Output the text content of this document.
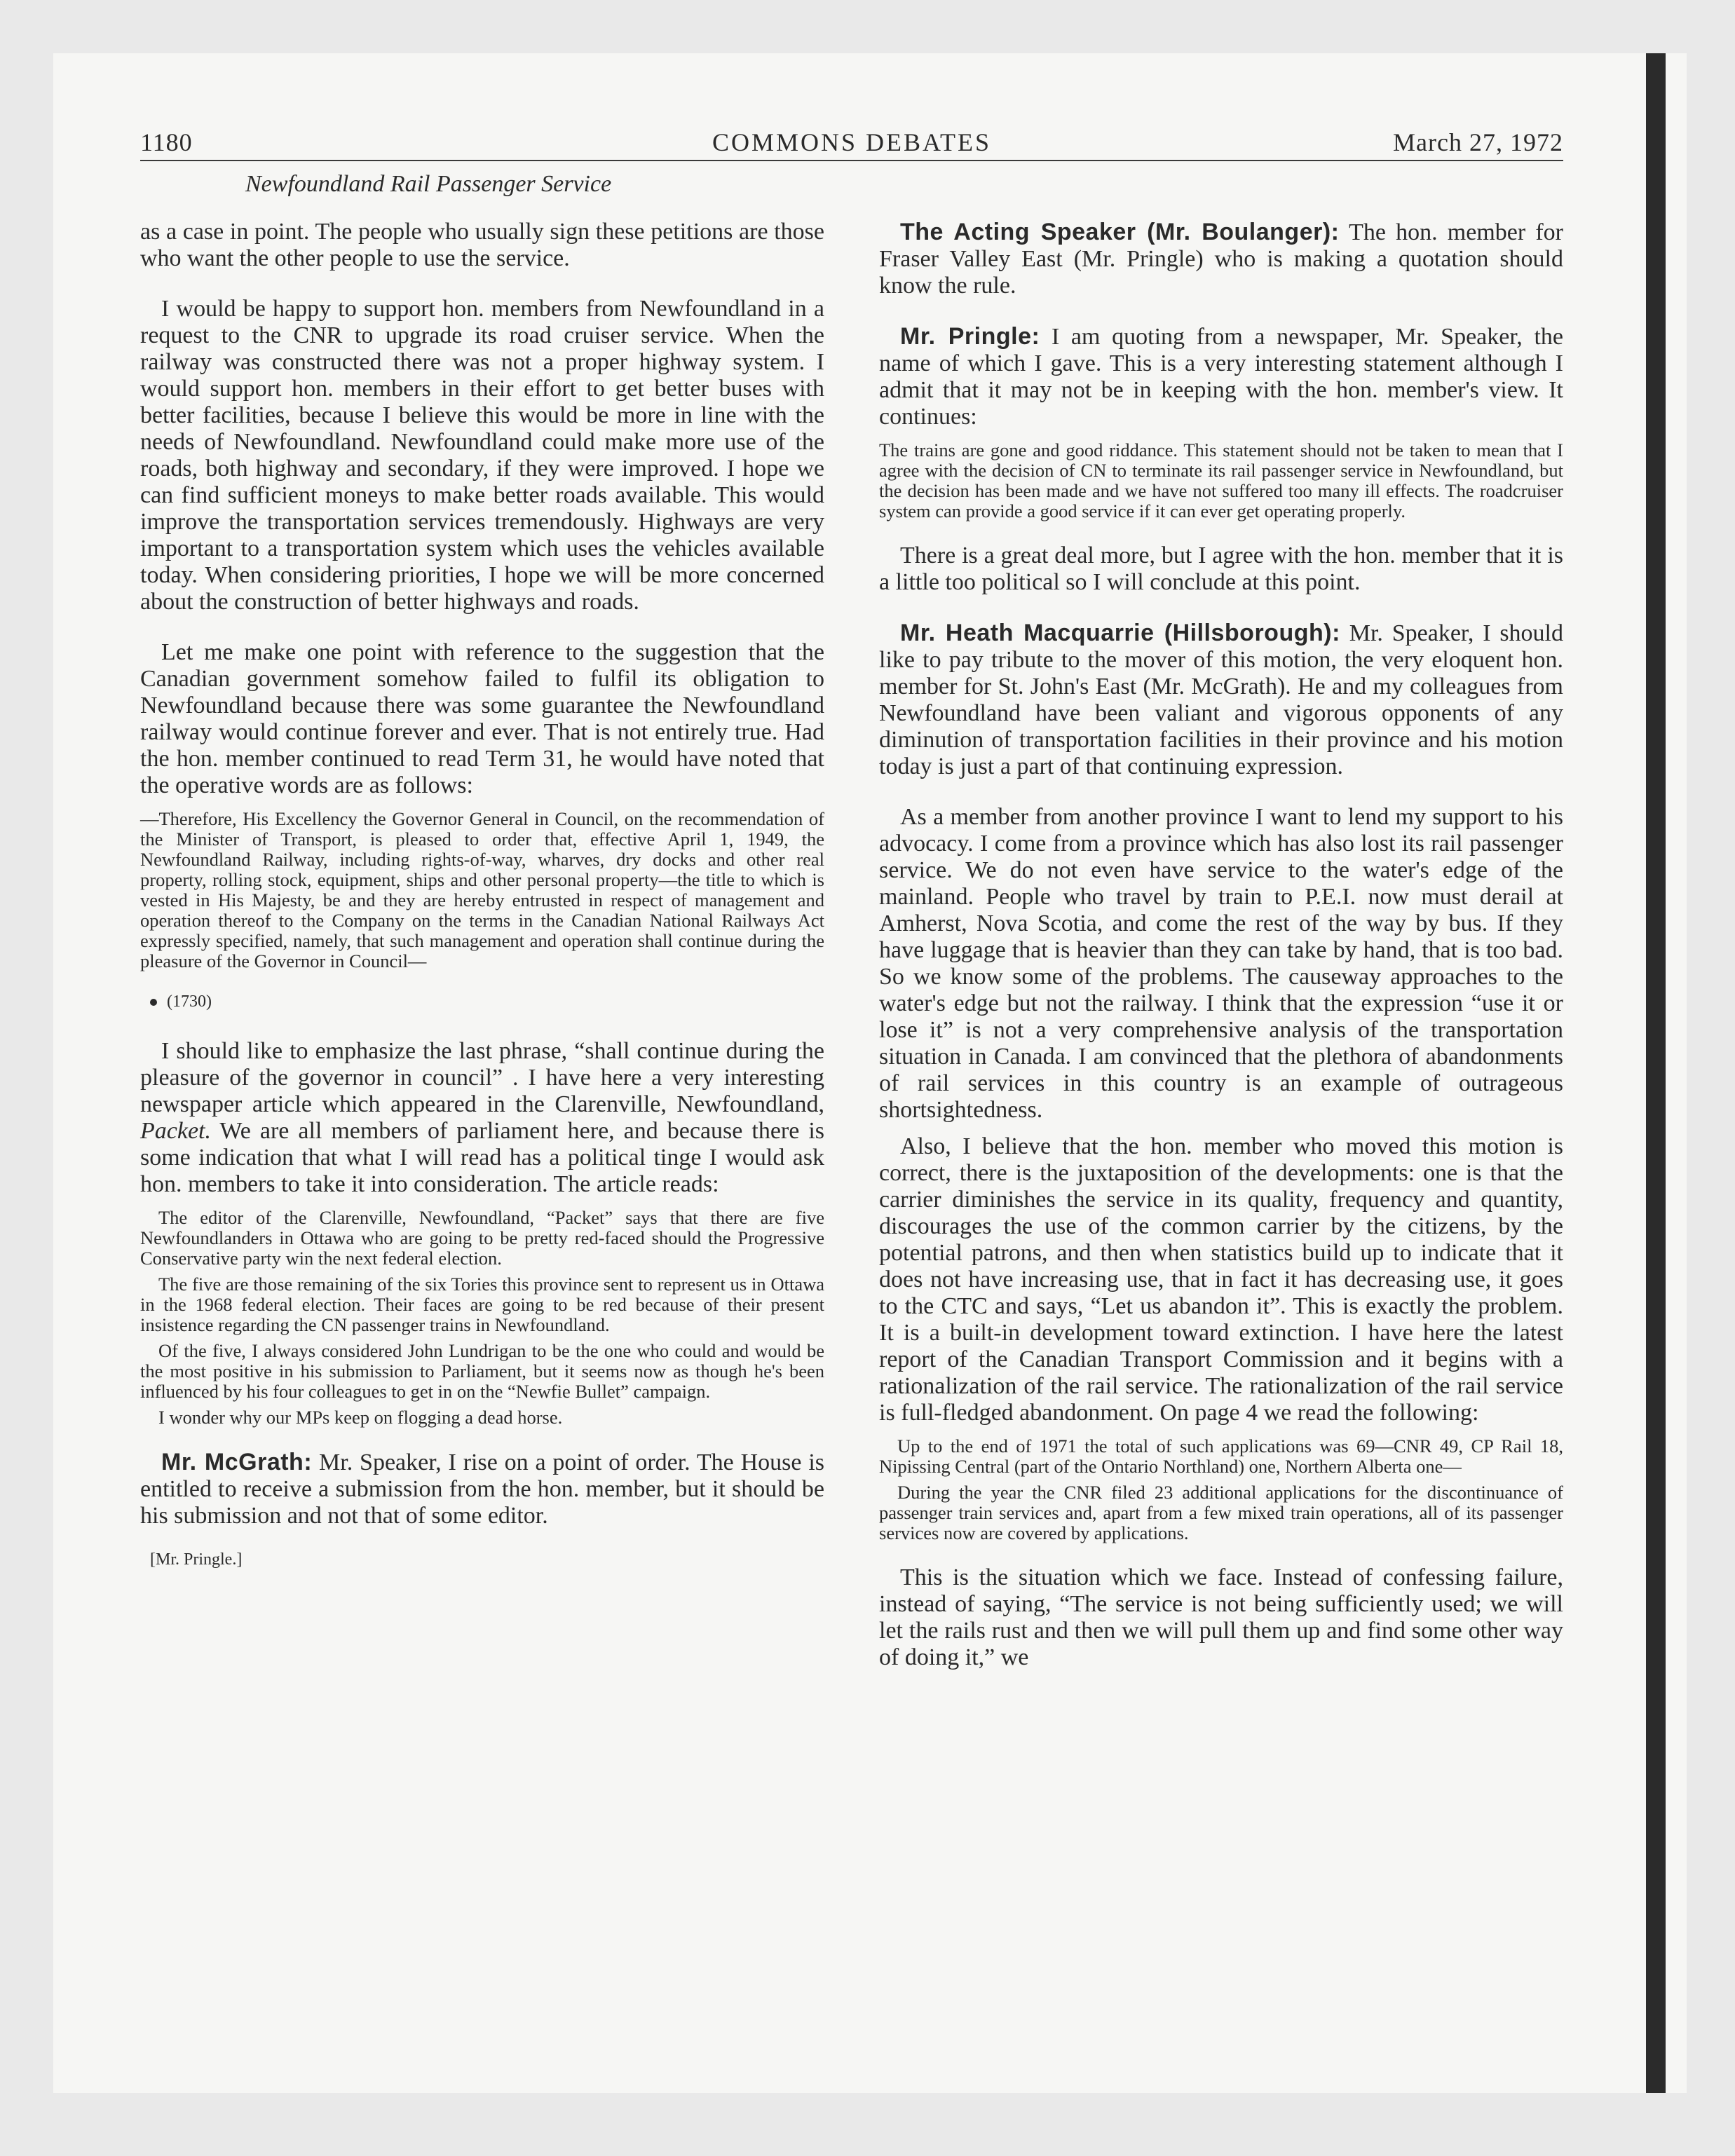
1180	COMMONS DEBATES	March 27, 1972
Newfoundland Rail Passenger Service

as a case in point. The people who usually sign these petitions are those who want the other people to use the service.

I would be happy to support hon. members from Newfoundland in a request to the CNR to upgrade its road cruiser service. When the railway was constructed there was not a proper highway system. I would support hon. members in their effort to get better buses with better facilities, because I believe this would be more in line with the needs of Newfoundland. Newfoundland could make more use of the roads, both highway and secondary, if they were improved. I hope we can find sufficient moneys to make better roads available. This would improve the transportation services tremendously. Highways are very important to a transportation system which uses the vehicles available today. When considering priorities, I hope we will be more concerned about the construction of better highways and roads.

Let me make one point with reference to the suggestion that the Canadian government somehow failed to fulfil its obligation to Newfoundland because there was some guarantee the Newfoundland railway would continue forever and ever. That is not entirely true. Had the hon. member continued to read Term 31, he would have noted that the operative words are as follows:

—Therefore, His Excellency the Governor General in Council, on the recommendation of the Minister of Transport, is pleased to order that, effective April 1, 1949, the Newfoundland Railway, including rights-of-way, wharves, dry docks and other real property, rolling stock, equipment, ships and other personal property—the title to which is vested in His Majesty, be and they are hereby entrusted in respect of management and operation thereof to the Company on the terms in the Canadian National Railways Act expressly specified, namely, that such management and operation shall continue during the pleasure of the Governor in Council—
(1730)

I should like to emphasize the last phrase, “shall continue during the pleasure of the governor in council” . I have here a very interesting newspaper article which appeared in the Clarenville, Newfoundland, Packet. We are all members of parliament here, and because there is some indication that what I will read has a political tinge I would ask hon. members to take it into consideration. The article reads:

The editor of the Clarenville, Newfoundland, “Packet” says that there are five Newfoundlanders in Ottawa who are going to be pretty red-faced should the Progressive Conservative party win the next federal election.
The five are those remaining of the six Tories this province sent to represent us in Ottawa in the 1968 federal election. Their faces are going to be red because of their present insistence regarding the CN passenger trains in Newfoundland.
Of the five, I always considered John Lundrigan to be the one who could and would be the most positive in his submission to Parliament, but it seems now as though he's been influenced by his four colleagues to get in on the “Newfie Bullet” campaign.
I wonder why our MPs keep on flogging a dead horse.

Mr. McGrath: Mr. Speaker, I rise on a point of order. The House is entitled to receive a submission from the hon. member, but it should be his submission and not that of some editor.

[Mr. Pringle.]

The Acting Speaker (Mr. Boulanger): The hon. member for Fraser Valley East (Mr. Pringle) who is making a quotation should know the rule.

Mr. Pringle: I am quoting from a newspaper, Mr. Speaker, the name of which I gave. This is a very interesting statement although I admit that it may not be in keeping with the hon. member's view. It continues:

The trains are gone and good riddance. This statement should not be taken to mean that I agree with the decision of CN to terminate its rail passenger service in Newfoundland, but the decision has been made and we have not suffered too many ill effects. The roadcruiser system can provide a good service if it can ever get operating properly.

There is a great deal more, but I agree with the hon. member that it is a little too political so I will conclude at this point.

Mr. Heath Macquarrie (Hillsborough): Mr. Speaker, I should like to pay tribute to the mover of this motion, the very eloquent hon. member for St. John's East (Mr. McGrath). He and my colleagues from Newfoundland have been valiant and vigorous opponents of any diminution of transportation facilities in their province and his motion today is just a part of that continuing expression.

As a member from another province I want to lend my support to his advocacy. I come from a province which has also lost its rail passenger service. We do not even have service to the water's edge of the mainland. People who travel by train to P.E.I. now must derail at Amherst, Nova Scotia, and come the rest of the way by bus. If they have luggage that is heavier than they can take by hand, that is too bad. So we know some of the problems. The causeway approaches to the water's edge but not the railway. I think that the expression “use it or lose it” is not a very comprehensive analysis of the transportation situation in Canada. I am convinced that the plethora of abandonments of rail services in this country is an example of outrageous shortsightedness.

Also, I believe that the hon. member who moved this motion is correct, there is the juxtaposition of the developments: one is that the carrier diminishes the service in its quality, frequency and quantity, discourages the use of the common carrier by the citizens, by the potential patrons, and then when statistics build up to indicate that it does not have increasing use, that in fact it has decreasing use, it goes to the CTC and says, “Let us abandon it”. This is exactly the problem. It is a built-in development toward extinction. I have here the latest report of the Canadian Transport Commission and it begins with a rationalization of the rail service. The rationalization of the rail service is full-fledged abandonment. On page 4 we read the following:

Up to the end of 1971 the total of such applications was 69—CNR 49, CP Rail 18, Nipissing Central (part of the Ontario Northland) one, Northern Alberta one—
During the year the CNR filed 23 additional applications for the discontinuance of passenger train services and, apart from a few mixed train operations, all of its passenger services now are covered by applications.

This is the situation which we face. Instead of confessing failure, instead of saying, “The service is not being sufficiently used; we will let the rails rust and then we will pull them up and find some other way of doing it,” we
